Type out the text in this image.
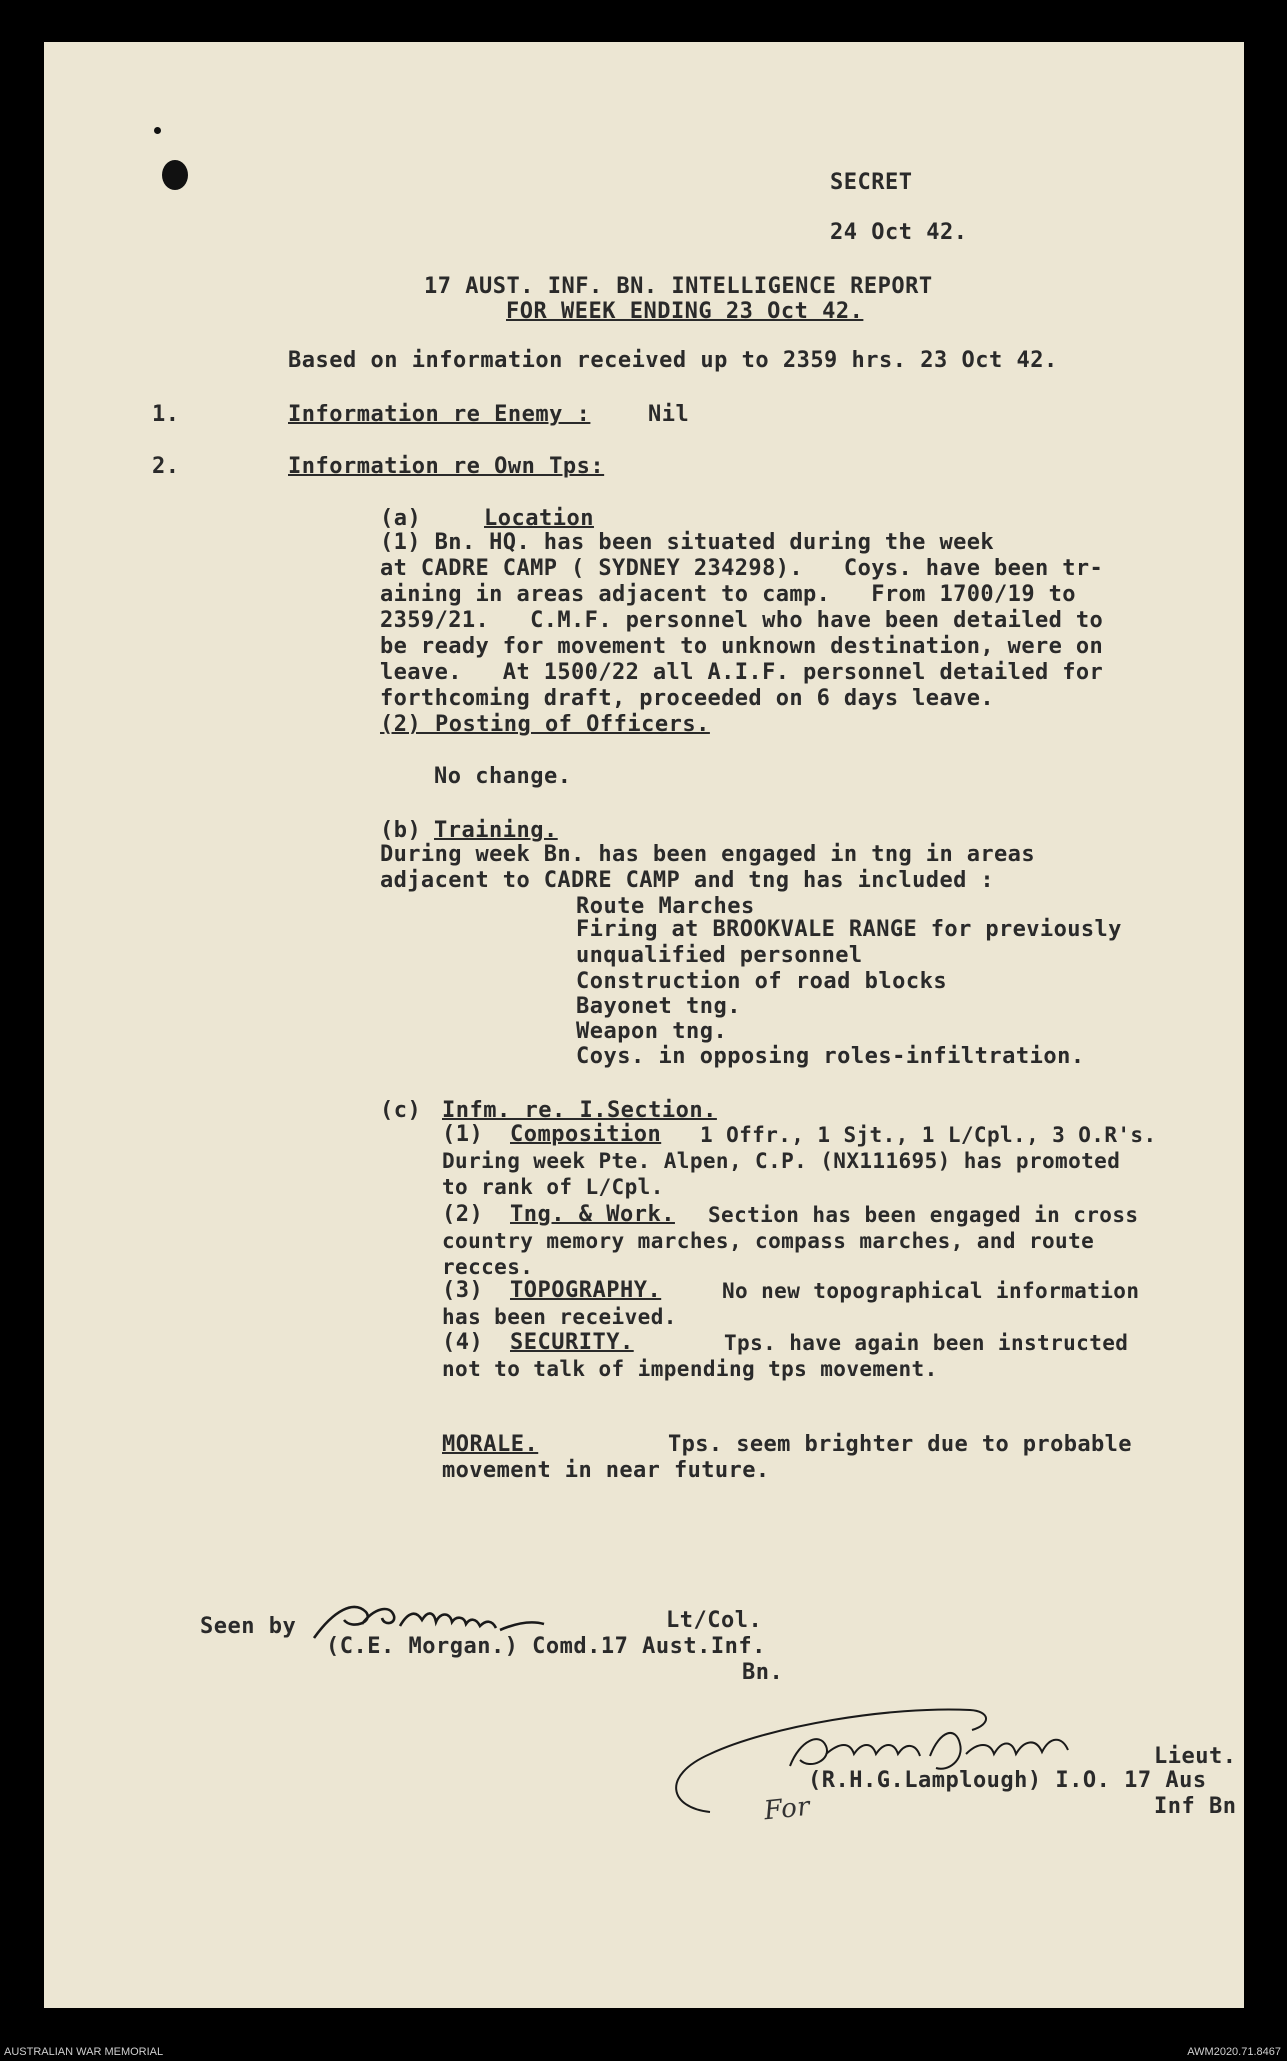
SECRET
24 Oct 42.
17 AUST. INF. BN. INTELLIGENCE REPORT
FOR WEEK ENDING 23 Oct 42.
Based on information received up to 2359 hrs. 23 Oct 42.
1.	Information re Enemy :	Nil
2.	Information re Own Tps:
(a)	Location
(1) Bn. HQ. has been situated during the week
at CADRE CAMP ( SYDNEY 234298).   Coys. have been tr-
aining in areas adjacent to camp.   From 1700/19 to
2359/21.   C.M.F. personnel who have been detailed to
be ready for movement to unknown destination, were on
leave.   At 1500/22 all A.I.F. personnel detailed for
forthcoming draft, proceeded on 6 days leave.
(2) Posting of Officers.
No change.
(b) Training.
During week Bn. has been engaged in tng in areas
adjacent to CADRE CAMP and tng has included :
Route Marches
Firing at BROOKVALE RANGE for previously
unqualified personnel
Construction of road blocks
Bayonet tng.
Weapon tng.
Coys. in opposing roles-infiltration.
(c) Infm. re. I.Section.
(1) Composition	1 Offr., 1 Sjt., 1 L/Cpl., 3 O.R's.
During week Pte. Alpen, C.P. (NX111695) has promoted
to rank of L/Cpl.
(2) Tng. & Work.	Section has been engaged in cross
country memory marches, compass marches, and route
recces.
(3) TOPOGRAPHY.	No new topographical information
has been received.
(4) SECURITY.	Tps. have again been instructed
not to talk of impending tps movement.
MORALE.	Tps. seem brighter due to probable
movement in near future.
Seen by	Lt/Col.
(C.E. Morgan.) Comd.17 Aust.Inf.
Bn.
Lieut.
(R.H.G.Lamplough) I.O. 17 Aus
Inf Bn
For
AUSTRALIAN WAR MEMORIAL	AWM2020.71.8467
